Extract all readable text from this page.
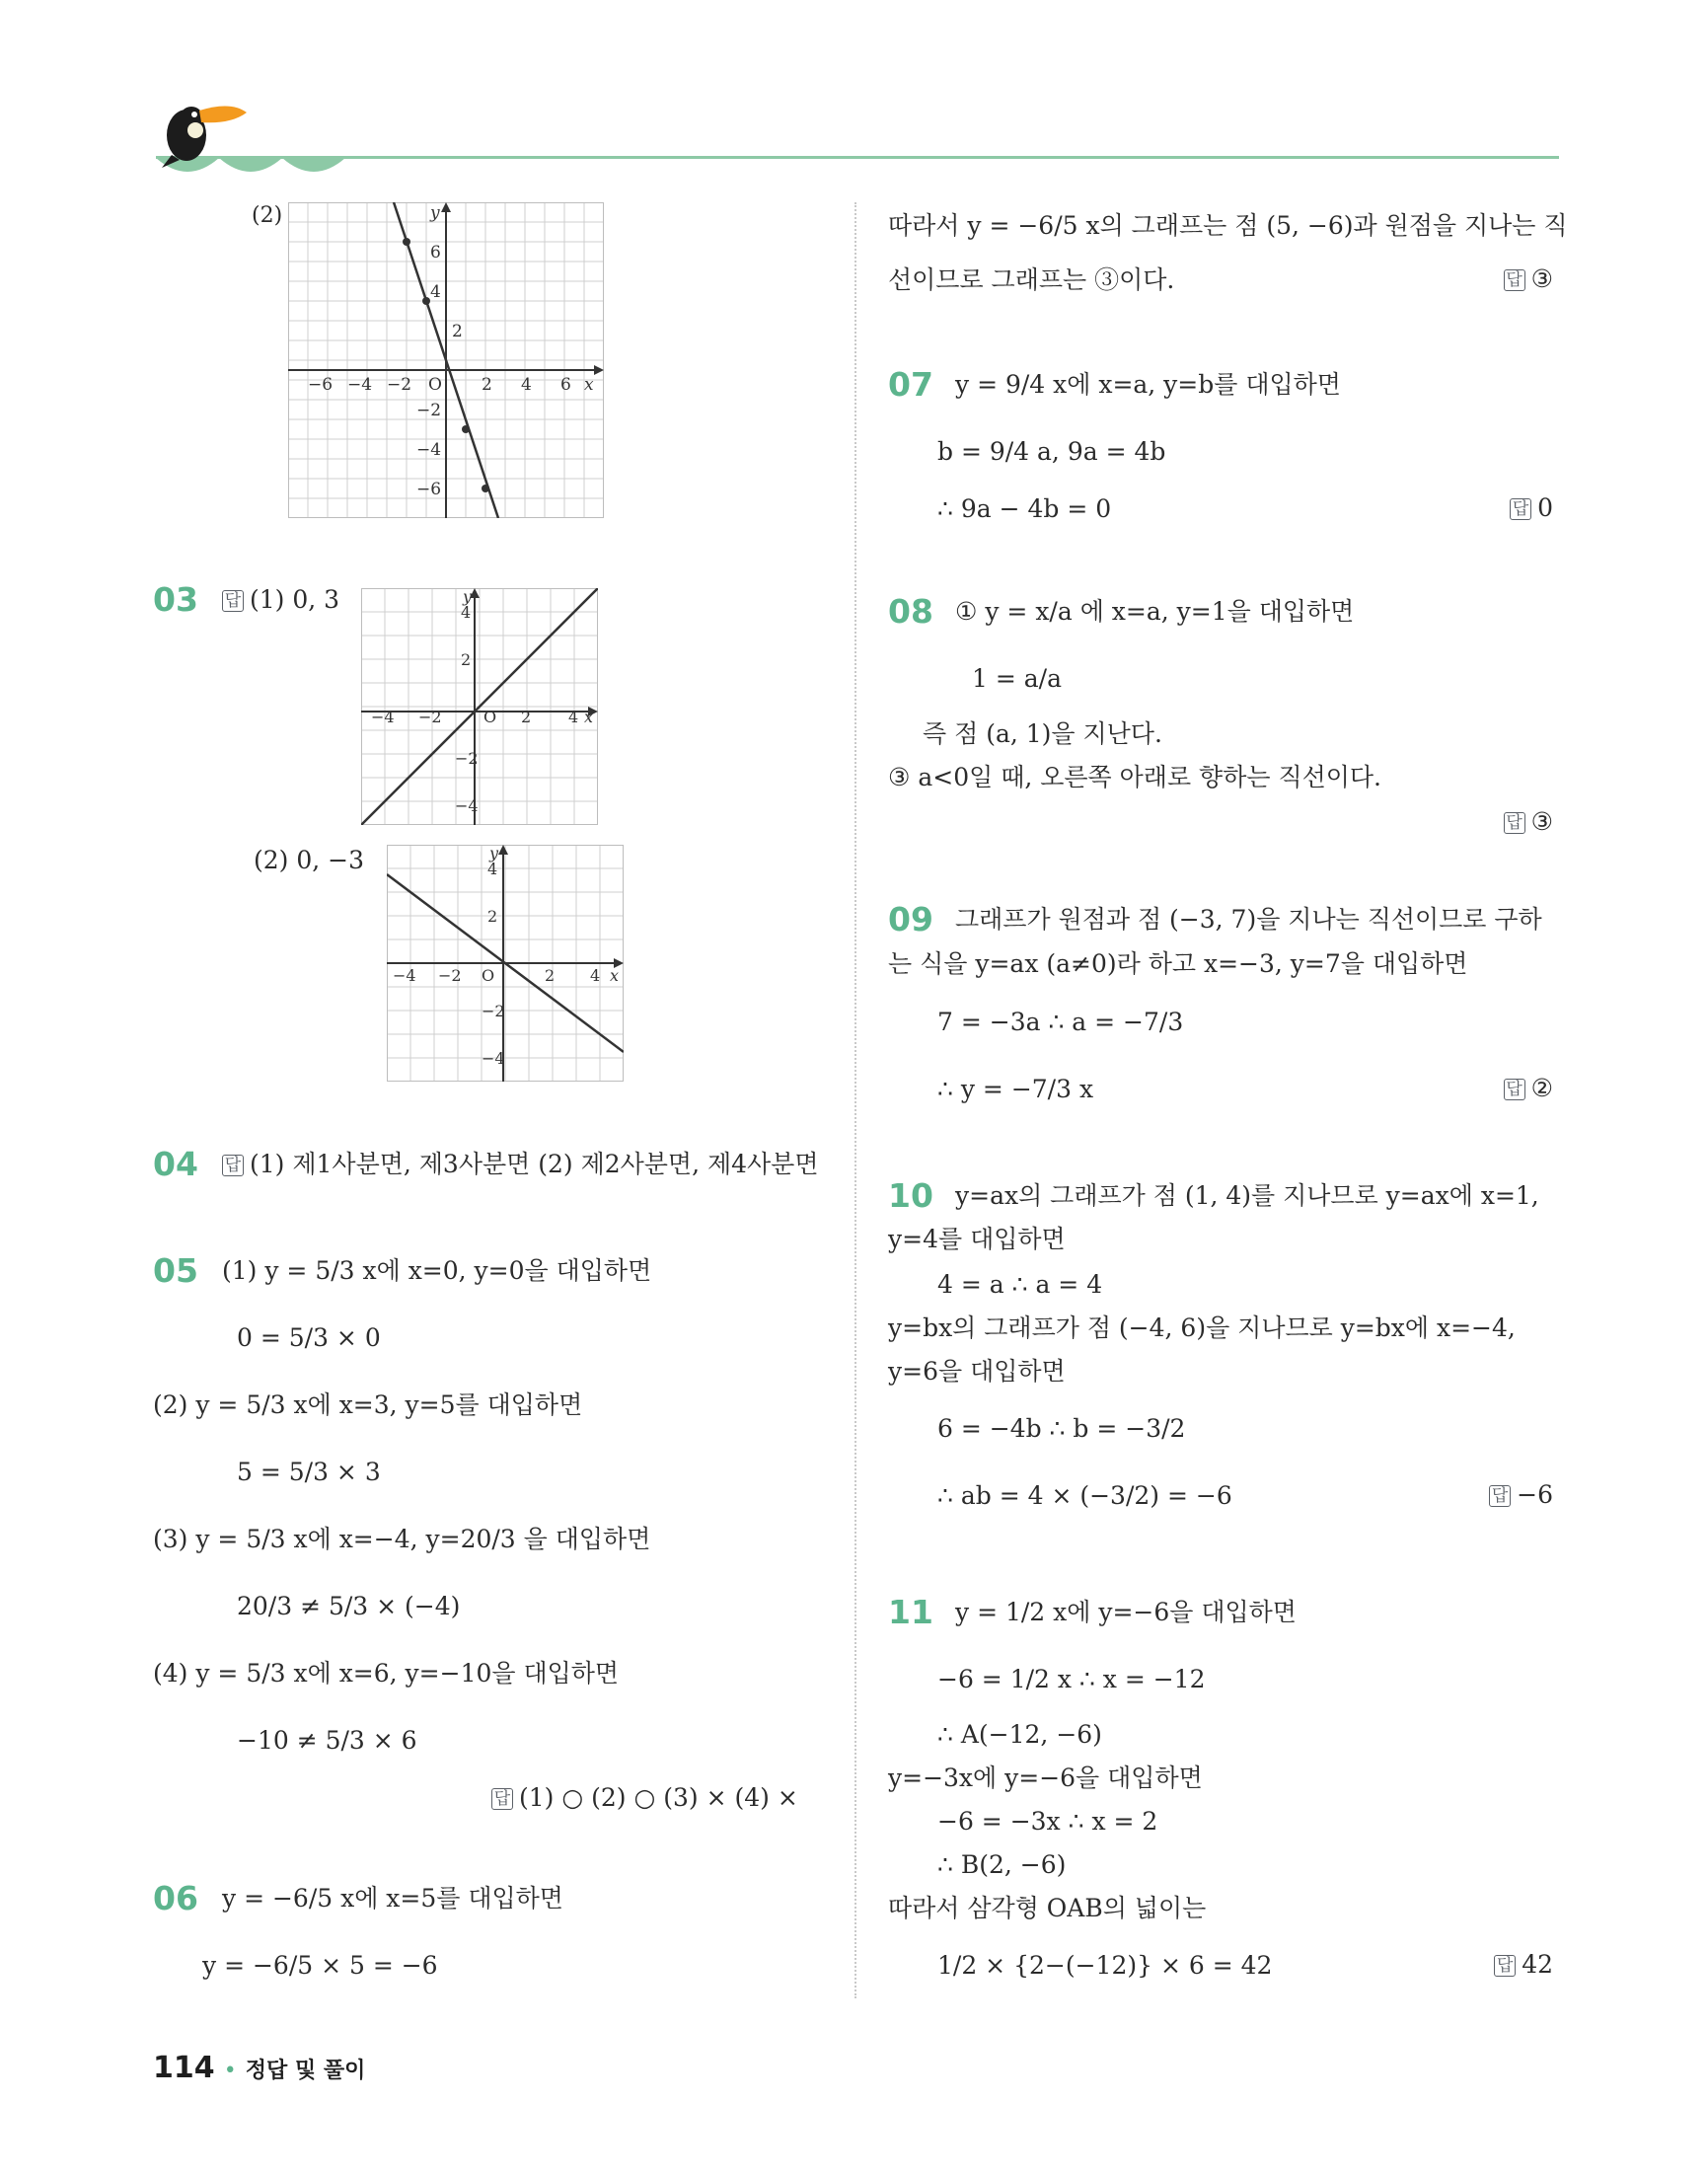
(2)
−6 −4 −2	2 4 6
6
4
2
−2
−4
−6
O	x
y
03 답 (1) 0, 3
−4 −2	2 4
4
2
−2
−4
O	x
y
(2) 0, −3
−4 −2	2 4
4
2
−2
−4
O	x
y
04 답 (1) 제1사분면, 제3사분면 (2) 제2사분면, 제4사분면
05 (1) y = 5/3 x에 x=0, y=0을 대입하면
0 = 5/3 × 0
(2) y = 5/3 x에 x=3, y=5를 대입하면
5 = 5/3 × 3
(3) y = 5/3 x에 x=−4, y=20/3 을 대입하면
20/3 ≠ 5/3 × (−4)
(4) y = 5/3 x에 x=6, y=−10을 대입하면
−10 ≠ 5/3 × 6
답 (1) ○ (2) ○ (3) × (4) ×
06 y = −6/5 x에 x=5를 대입하면
y = −6/5 × 5 = −6
따라서 y = −6/5 x의 그래프는 점 (5, −6)과 원점을 지나는 직
선이므로 그래프는 ③이다.	답 ③
07 y = 9/4 x에 x=a, y=b를 대입하면
b = 9/4 a, 9a = 4b
∴ 9a − 4b = 0	답 0
08 ① y = x/a 에 x=a, y=1을 대입하면
1 = a/a
즉 점 (a, 1)을 지난다.
③ a<0일 때, 오른쪽 아래로 향하는 직선이다.
답 ③
09 그래프가 원점과 점 (−3, 7)을 지나는 직선이므로 구하
는 식을 y=ax (a≠0)라 하고 x=−3, y=7을 대입하면
7 = −3a ∴ a = −7/3
∴ y = −7/3 x	답 ②
10 y=ax의 그래프가 점 (1, 4)를 지나므로 y=ax에 x=1,
y=4를 대입하면
4 = a ∴ a = 4
y=bx의 그래프가 점 (−4, 6)을 지나므로 y=bx에 x=−4,
y=6을 대입하면
6 = −4b ∴ b = −3/2
∴ ab = 4 × (−3/2) = −6	답 −6
11 y = 1/2 x에 y=−6을 대입하면
−6 = 1/2 x ∴ x = −12
∴ A(−12, −6)
y=−3x에 y=−6을 대입하면
−6 = −3x ∴ x = 2
∴ B(2, −6)
따라서 삼각형 OAB의 넓이는
1/2 × {2−(−12)} × 6 = 42	답 42
114 • 정답 및 풀이
